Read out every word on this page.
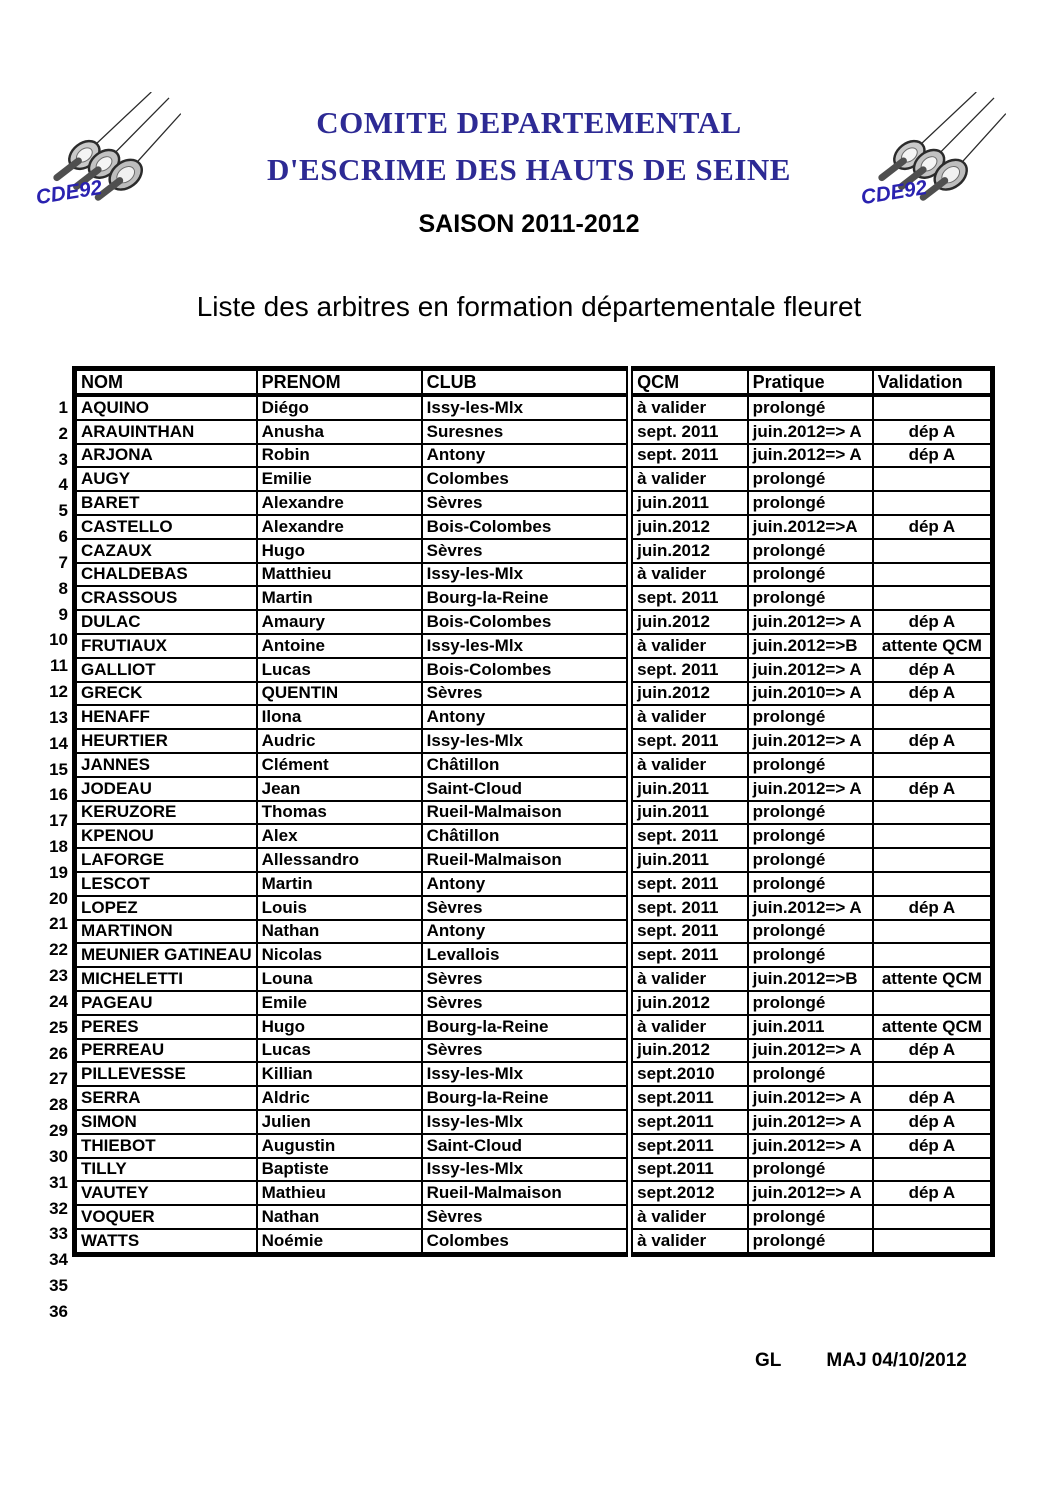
CDE92	CDE92
COMITE DEPARTEMENTAL
D'ESCRIME DES HAUTS DE SEINE
SAISON 2011-2012
Liste des arbitres en formation départementale fleuret
1
2
3
4
5
6
7
8
9
10
11
12
13
14
15
16
17
18
19
20
21
22
23
24
25
26
27
28
29
30
31
32
33
34
35
36
NOM	PRENOM	CLUB	QCM	Pratique	Validation
AQUINO	Diégo	Issy-les-Mlx	à valider	prolongé	
ARAUINTHAN	Anusha	Suresnes	sept. 2011	juin.2012=> A	dép A
ARJONA	Robin	Antony	sept. 2011	juin.2012=> A	dép A
AUGY	Emilie	Colombes	à valider	prolongé	
BARET	Alexandre	Sèvres	juin.2011	prolongé	
CASTELLO	Alexandre	Bois-Colombes	juin.2012	juin.2012=>A	dép A
CAZAUX	Hugo	Sèvres	juin.2012	prolongé	
CHALDEBAS	Matthieu	Issy-les-Mlx	à valider	prolongé	
CRASSOUS	Martin	Bourg-la-Reine	sept. 2011	prolongé	
DULAC	Amaury	Bois-Colombes	juin.2012	juin.2012=> A	dép A
FRUTIAUX	Antoine	Issy-les-Mlx	à valider	juin.2012=>B	attente QCM
GALLIOT	Lucas	Bois-Colombes	sept. 2011	juin.2012=> A	dép A
GRECK	QUENTIN	Sèvres	juin.2012	juin.2010=> A	dép A
HENAFF	Ilona	Antony	à valider	prolongé	
HEURTIER	Audric	Issy-les-Mlx	sept. 2011	juin.2012=> A	dép A
JANNES	Clément	Châtillon	à valider	prolongé	
JODEAU	Jean	Saint-Cloud	juin.2011	juin.2012=> A	dép A
KERUZORE	Thomas	Rueil-Malmaison	juin.2011	prolongé	
KPENOU	Alex	Châtillon	sept. 2011	prolongé	
LAFORGE	Allessandro	Rueil-Malmaison	juin.2011	prolongé	
LESCOT	Martin	Antony	sept. 2011	prolongé	
LOPEZ	Louis	Sèvres	sept. 2011	juin.2012=> A	dép A
MARTINON	Nathan	Antony	sept. 2011	prolongé	
MEUNIER GATINEAU	Nicolas	Levallois	sept. 2011	prolongé	
MICHELETTI	Louna	Sèvres	à valider	juin.2012=>B	attente QCM
PAGEAU	Emile	Sèvres	juin.2012	prolongé	
PERES	Hugo	Bourg-la-Reine	à valider	juin.2011	attente QCM
PERREAU	Lucas	Sèvres	juin.2012	juin.2012=> A	dép A
PILLEVESSE	Killian	Issy-les-Mlx	sept.2010	prolongé	
SERRA	Aldric	Bourg-la-Reine	sept.2011	juin.2012=> A	dép A
SIMON	Julien	Issy-les-Mlx	sept.2011	juin.2012=> A	dép A
THIEBOT	Augustin	Saint-Cloud	sept.2011	juin.2012=> A	dép A
TILLY	Baptiste	Issy-les-Mlx	sept.2011	prolongé	
VAUTEY	Mathieu	Rueil-Malmaison	sept.2012	juin.2012=> A	dép A
VOQUER	Nathan	Sèvres	à valider	prolongé	
WATTS	Noémie	Colombes	à valider	prolongé	
GL MAJ 04/10/2012
